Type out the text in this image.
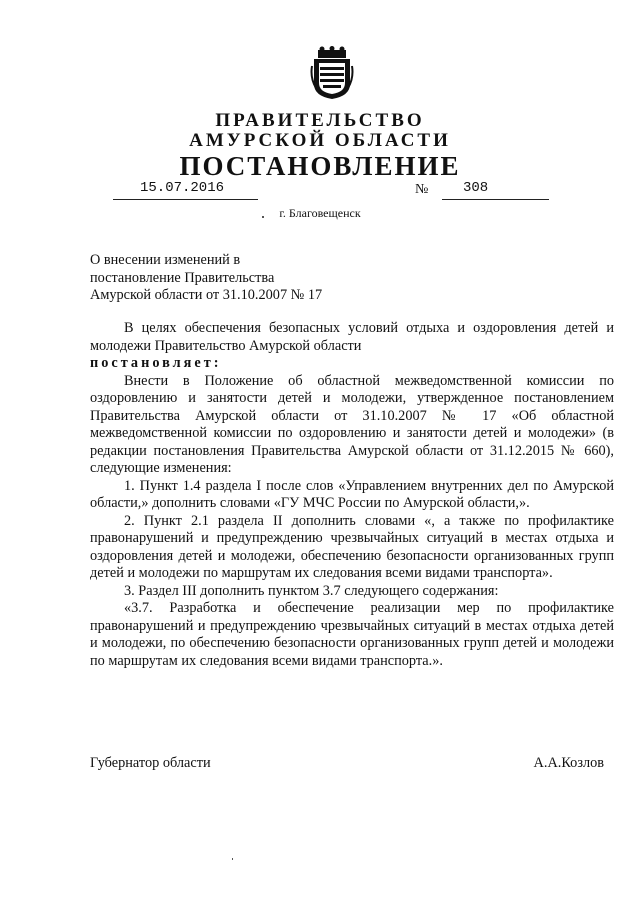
ПРАВИТЕЛЬСТВО
АМУРСКОЙ ОБЛАСТИ
ПОСТАНОВЛЕНИЕ
15.07.2016	№ 308
г. Благовещенск
О внесении изменений в
постановление Правительства
Амурской области от 31.10.2007 № 17

В целях обеспечения безопасных условий отдыха и оздоровления детей и молодежи Правительство Амурской области

постановляет:

Внести в Положение об областной межведомственной комиссии по оздоровлению и занятости детей и молодежи, утвержденное постановлением Правительства Амурской области от 31.10.2007 № 17 «Об областной межведомственной комиссии по оздоровлению и занятости детей и молодежи» (в редакции постановления Правительства Амурской области от 31.12.2015 № 660), следующие изменения:

1. Пункт 1.4 раздела I после слов «Управлением внутренних дел по Амурской области,» дополнить словами «ГУ МЧС России по Амурской области,».

2. Пункт 2.1 раздела II дополнить словами «, а также по профилактике правонарушений и предупреждению чрезвычайных ситуаций в местах отдыха и оздоровления детей и молодежи, обеспечению безопасности организованных групп детей и молодежи по маршрутам их следования всеми видами транспорта».

3. Раздел III дополнить пунктом 3.7 следующего содержания:

«3.7. Разработка и обеспечение реализации мер по профилактике правонарушений и предупреждению чрезвычайных ситуаций в местах отдыха детей и молодежи, по обеспечению безопасности организованных групп детей и молодежи по маршрутам их следования всеми видами транспорта.».

Губернатор области	А.А.Козлов
